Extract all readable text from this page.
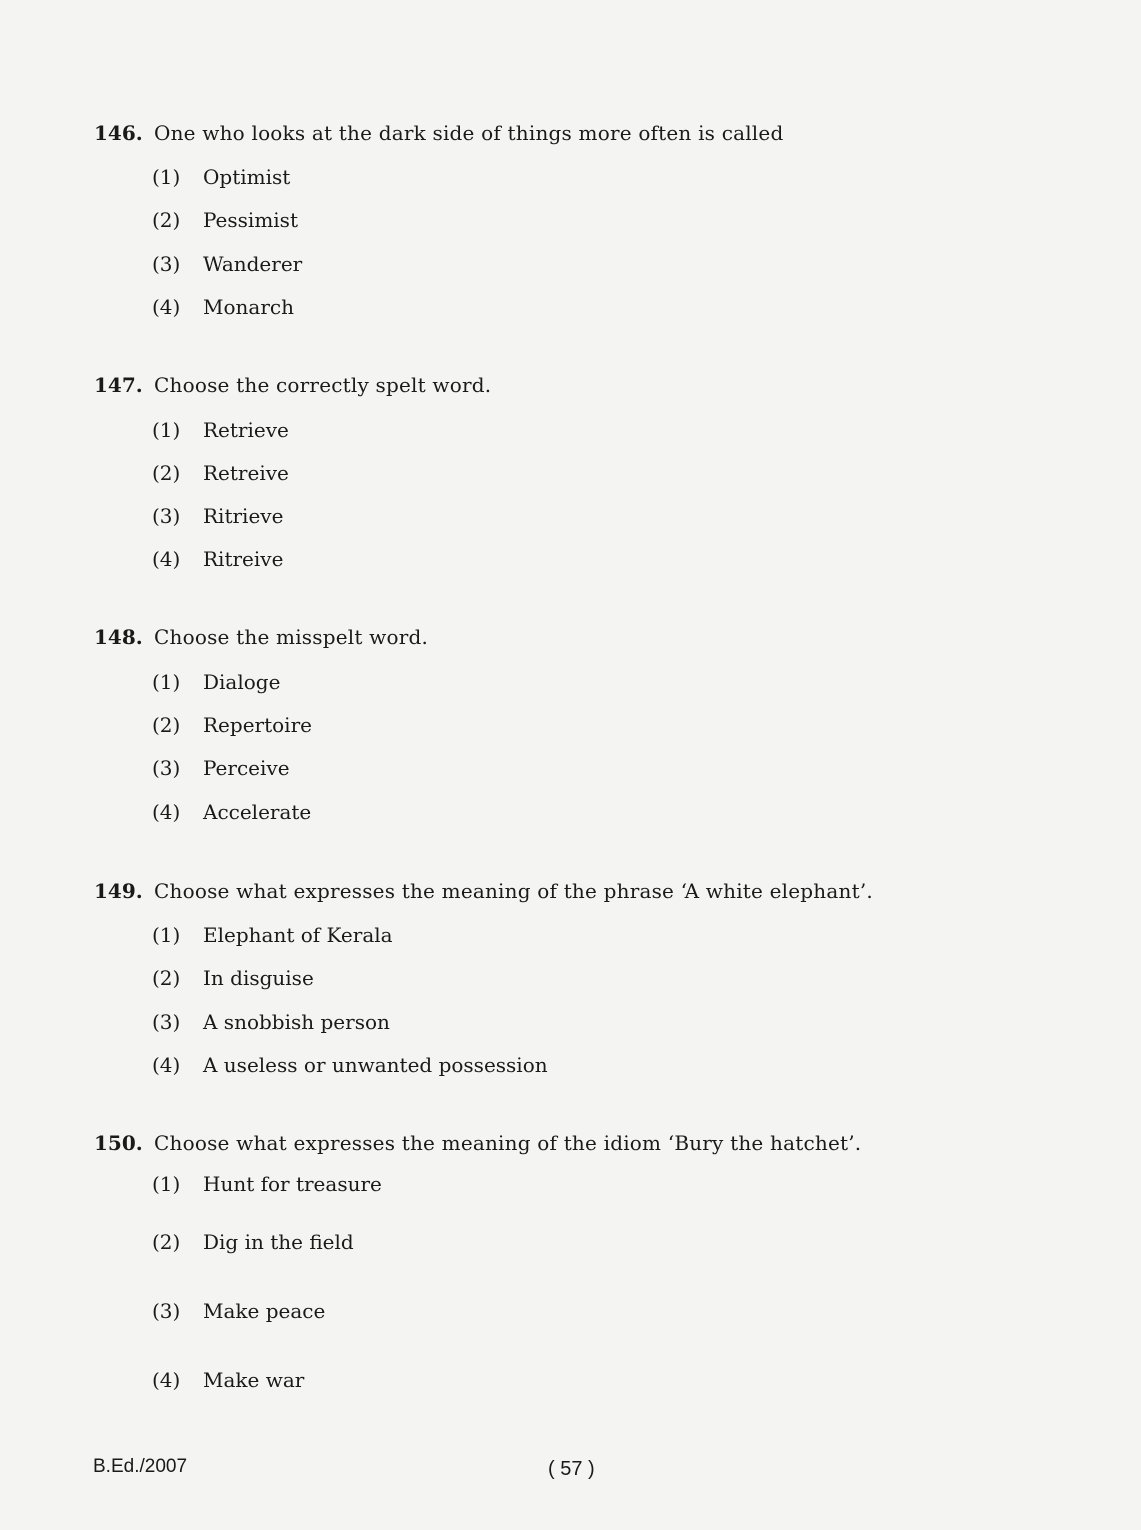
146. One who looks at the dark side of things more often is called
(1) Optimist
(2) Pessimist
(3) Wanderer
(4) Monarch
147. Choose the correctly spelt word.
(1) Retrieve
(2) Retreive
(3) Ritrieve
(4) Ritreive
148. Choose the misspelt word.
(1) Dialoge
(2) Repertoire
(3) Perceive
(4) Accelerate
149. Choose what expresses the meaning of the phrase ‘A white elephant’.
(1) Elephant of Kerala
(2) In disguise
(3) A snobbish person
(4) A useless or unwanted possession
150. Choose what expresses the meaning of the idiom ‘Bury the hatchet’.
(1) Hunt for treasure
(2) Dig in the field
(3) Make peace
(4) Make war
B.Ed./2007	( 57 )
